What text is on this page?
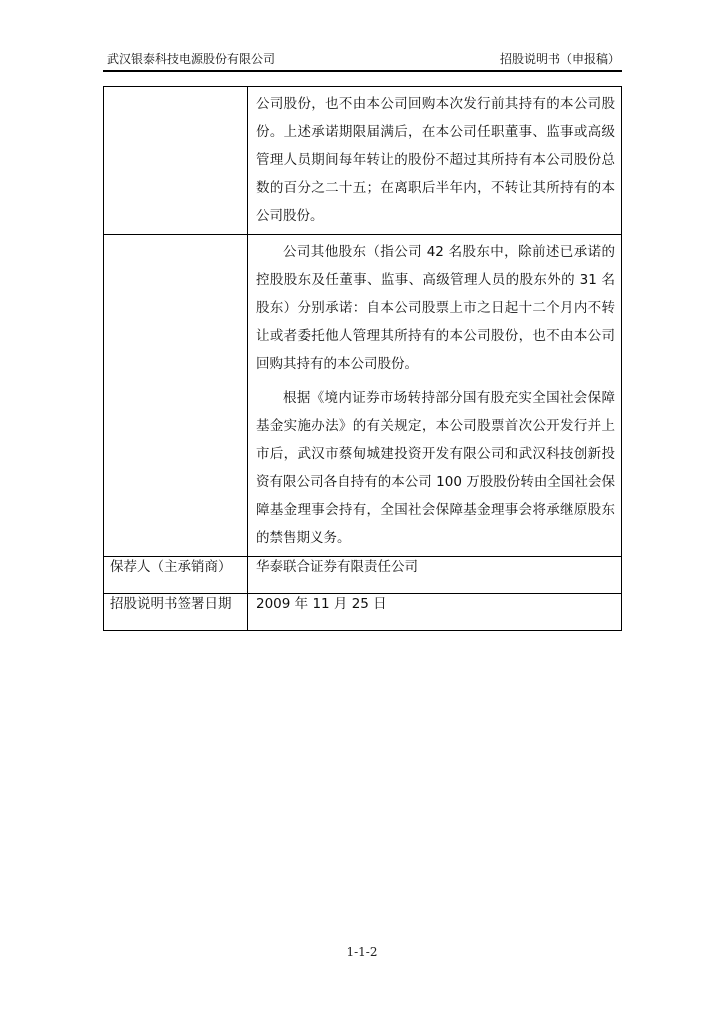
武汉银泰科技电源股份有限公司	招股说明书（申报稿）

	公司股份，也不由本公司回购本次发行前其持有的本公司股份。上述承诺期限届满后，在本公司任职董事、监事或高级管理人员期间每年转让的股份不超过其所持有本公司股份总数的百分之二十五；在离职后半年内，不转让其所持有的本公司股份。

	公司其他股东（指公司 42 名股东中，除前述已承诺的控股股东及任董事、监事、高级管理人员的股东外的 31 名股东）分别承诺：自本公司股票上市之日起十二个月内不转让或者委托他人管理其所持有的本公司股份，也不由本公司回购其持有的本公司股份。

根据《境内证券市场转持部分国有股充实全国社会保障基金实施办法》的有关规定，本公司股票首次公开发行并上市后，武汉市蔡甸城建投资开发有限公司和武汉科技创新投资有限公司各自持有的本公司 100 万股股份转由全国社会保障基金理事会持有，全国社会保障基金理事会将承继原股东的禁售期义务。

保荐人（主承销商）	华泰联合证券有限责任公司

招股说明书签署日期	2009 年 11 月 25 日
1-1-2
